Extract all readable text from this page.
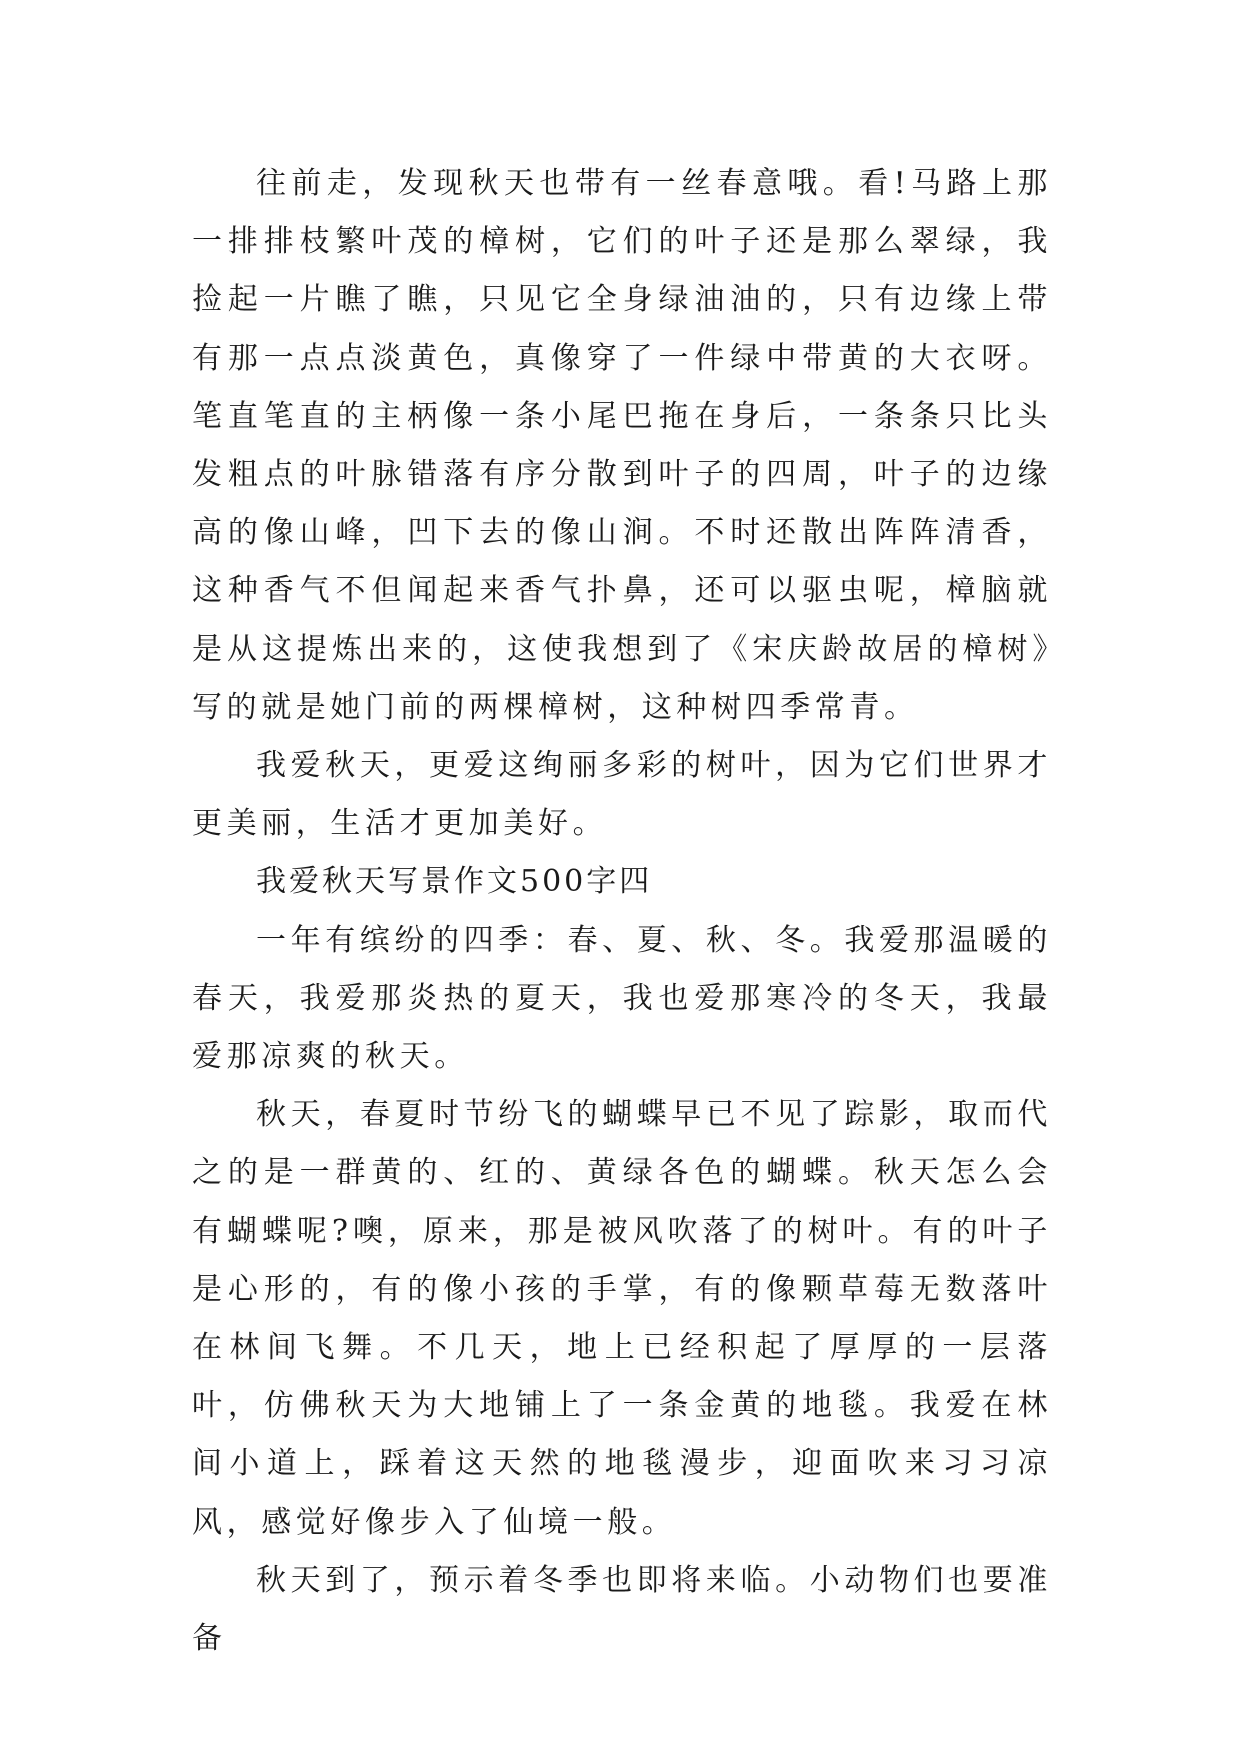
往前走，发现秋天也带有一丝春意哦。看!马路上那一排排枝繁叶茂的樟树，它们的叶子还是那么翠绿，我捡起一片瞧了瞧，只见它全身绿油油的，只有边缘上带有那一点点淡黄色，真像穿了一件绿中带黄的大衣呀。笔直笔直的主柄像一条小尾巴拖在身后，一条条只比头发粗点的叶脉错落有序分散到叶子的四周，叶子的边缘高的像山峰，凹下去的像山涧。不时还散出阵阵清香，这种香气不但闻起来香气扑鼻，还可以驱虫呢，樟脑就是从这提炼出来的，这使我想到了《宋庆龄故居的樟树》写的就是她门前的两棵樟树，这种树四季常青。

我爱秋天，更爱这绚丽多彩的树叶，因为它们世界才更美丽，生活才更加美好。

我爱秋天写景作文500字四

一年有缤纷的四季：春、夏、秋、冬。我爱那温暖的春天，我爱那炎热的夏天，我也爱那寒冷的冬天，我最爱那凉爽的秋天。

秋天，春夏时节纷飞的蝴蝶早已不见了踪影，取而代之的是一群黄的、红的、黄绿各色的蝴蝶。秋天怎么会有蝴蝶呢?噢，原来，那是被风吹落了的树叶。有的叶子是心形的，有的像小孩的手掌，有的像颗草莓无数落叶在林间飞舞。不几天，地上已经积起了厚厚的一层落叶，仿佛秋天为大地铺上了一条金黄的地毯。我爱在林间小道上，踩着这天然的地毯漫步，迎面吹来习习凉风，感觉好像步入了仙境一般。

秋天到了，预示着冬季也即将来临。小动物们也要准备
